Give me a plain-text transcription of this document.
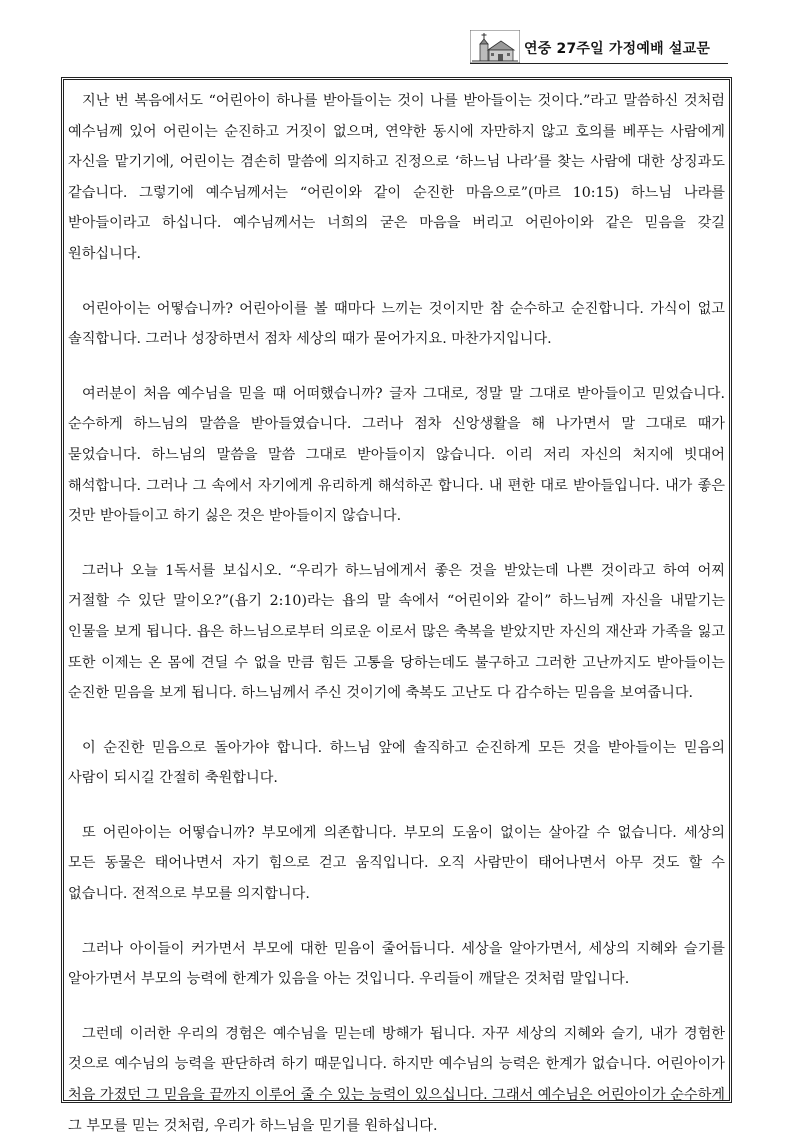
연중 27주일 가정예배 설교문

지난 번 복음에서도 “어린아이 하나를 받아들이는 것이 나를 받아들이는 것이다.”라고 말씀하신 것처럼 예수님께 있어 어린이는 순진하고 거짓이 없으며, 연약한 동시에 자만하지 않고 호의를 베푸는 사람에게 자신을 맡기기에, 어린이는 겸손히 말씀에 의지하고 진정으로 ‘하느님 나라’를 찾는 사람에 대한 상징과도 같습니다. 그렇기에 예수님께서는 “어린이와 같이 순진한 마음으로”(마르 10:15) 하느님 나라를 받아들이라고 하십니다. 예수님께서는 너희의 굳은 마음을 버리고 어린아이와 같은 믿음을 갖길 원하십니다.

어린아이는 어떻습니까? 어린아이를 볼 때마다 느끼는 것이지만 참 순수하고 순진합니다. 가식이 없고 솔직합니다. 그러나 성장하면서 점차 세상의 때가 묻어가지요. 마찬가지입니다.

여러분이 처음 예수님을 믿을 때 어떠했습니까? 글자 그대로, 정말 말 그대로 받아들이고 믿었습니다. 순수하게 하느님의 말씀을 받아들였습니다. 그러나 점차 신앙생활을 해 나가면서 말 그대로 때가 묻었습니다. 하느님의 말씀을 말씀 그대로 받아들이지 않습니다. 이리 저리 자신의 처지에 빗대어 해석합니다. 그러나 그 속에서 자기에게 유리하게 해석하곤 합니다. 내 편한 대로 받아들입니다. 내가 좋은 것만 받아들이고 하기 싫은 것은 받아들이지 않습니다.

그러나 오늘 1독서를 보십시오. “우리가 하느님에게서 좋은 것을 받았는데 나쁜 것이라고 하여 어찌 거절할 수 있단 말이오?”(욥기 2:10)라는 욥의 말 속에서 “어린이와 같이” 하느님께 자신을 내맡기는 인물을 보게 됩니다. 욥은 하느님으로부터 의로운 이로서 많은 축복을 받았지만 자신의 재산과 가족을 잃고 또한 이제는 온 몸에 견딜 수 없을 만큼 힘든 고통을 당하는데도 불구하고 그러한 고난까지도 받아들이는 순진한 믿음을 보게 됩니다. 하느님께서 주신 것이기에 축복도 고난도 다 감수하는 믿음을 보여줍니다.

이 순진한 믿음으로 돌아가야 합니다. 하느님 앞에 솔직하고 순진하게 모든 것을 받아들이는 믿음의 사람이 되시길 간절히 축원합니다.

또 어린아이는 어떻습니까? 부모에게 의존합니다. 부모의 도움이 없이는 살아갈 수 없습니다. 세상의 모든 동물은 태어나면서 자기 힘으로 걷고 움직입니다. 오직 사람만이 태어나면서 아무 것도 할 수 없습니다. 전적으로 부모를 의지합니다.

그러나 아이들이 커가면서 부모에 대한 믿음이 줄어듭니다. 세상을 알아가면서, 세상의 지혜와 슬기를 알아가면서 부모의 능력에 한계가 있음을 아는 것입니다. 우리들이 깨달은 것처럼 말입니다.

그런데 이러한 우리의 경험은 예수님을 믿는데 방해가 됩니다. 자꾸 세상의 지혜와 슬기, 내가 경험한 것으로 예수님의 능력을 판단하려 하기 때문입니다. 하지만 예수님의 능력은 한계가 없습니다. 어린아이가 처음 가졌던 그 믿음을 끝까지 이루어 줄 수 있는 능력이 있으십니다. 그래서 예수님은 어린아이가 순수하게 그 부모를 믿는 것처럼, 우리가 하느님을 믿기를 원하십니다.
